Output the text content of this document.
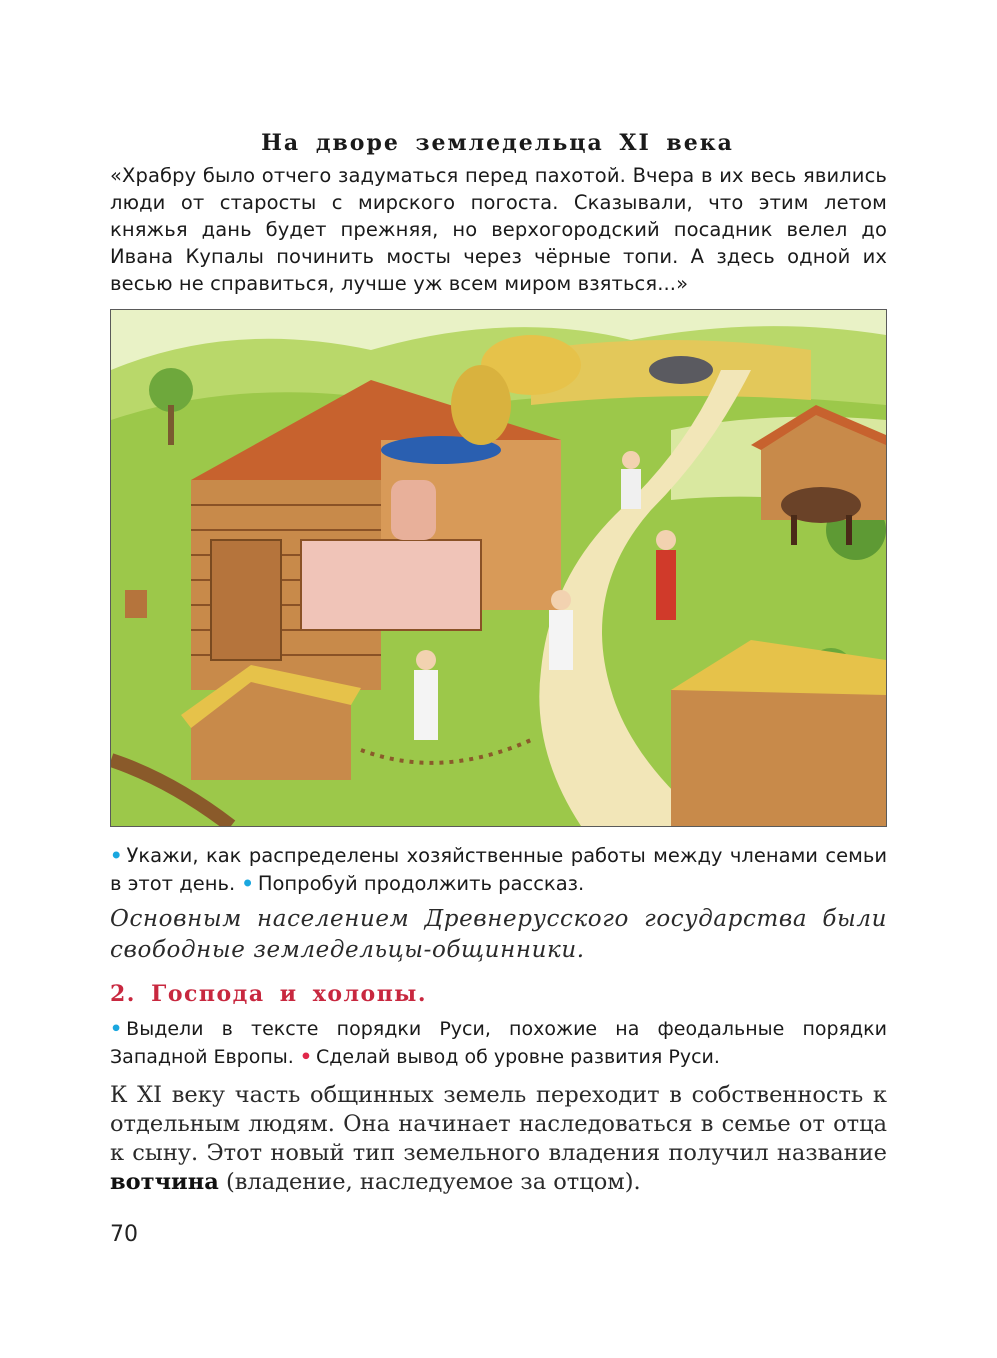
На дворе земледельца XI века
«Храбру было отчего задуматься перед пахотой. Вчера в их весь явились люди от старосты с мирского погоста. Сказывали, что этим летом княжья дань будет прежняя, но верхогородский посадник велел до Ивана Купалы починить мосты через чёрные топи. А здесь одной их весью не справиться, лучше уж всем миром взяться...»
• Укажи, как распределены хозяйственные работы между членами семьи в этот день. • Попробуй продолжить рассказ.
Основным населением Древнерусского государства были свободные земледельцы-общинники.
2. Господа и холопы.
• Выдели в тексте порядки Руси, похожие на феодальные порядки Западной Европы. • Сделай вывод об уровне развития Руси.
К XI веку часть общинных земель переходит в собственность к отдельным людям. Она начинает наследоваться в семье от отца к сыну. Этот новый тип земельного владения получил название вотчина (владение, наследуемое за отцом).
70
